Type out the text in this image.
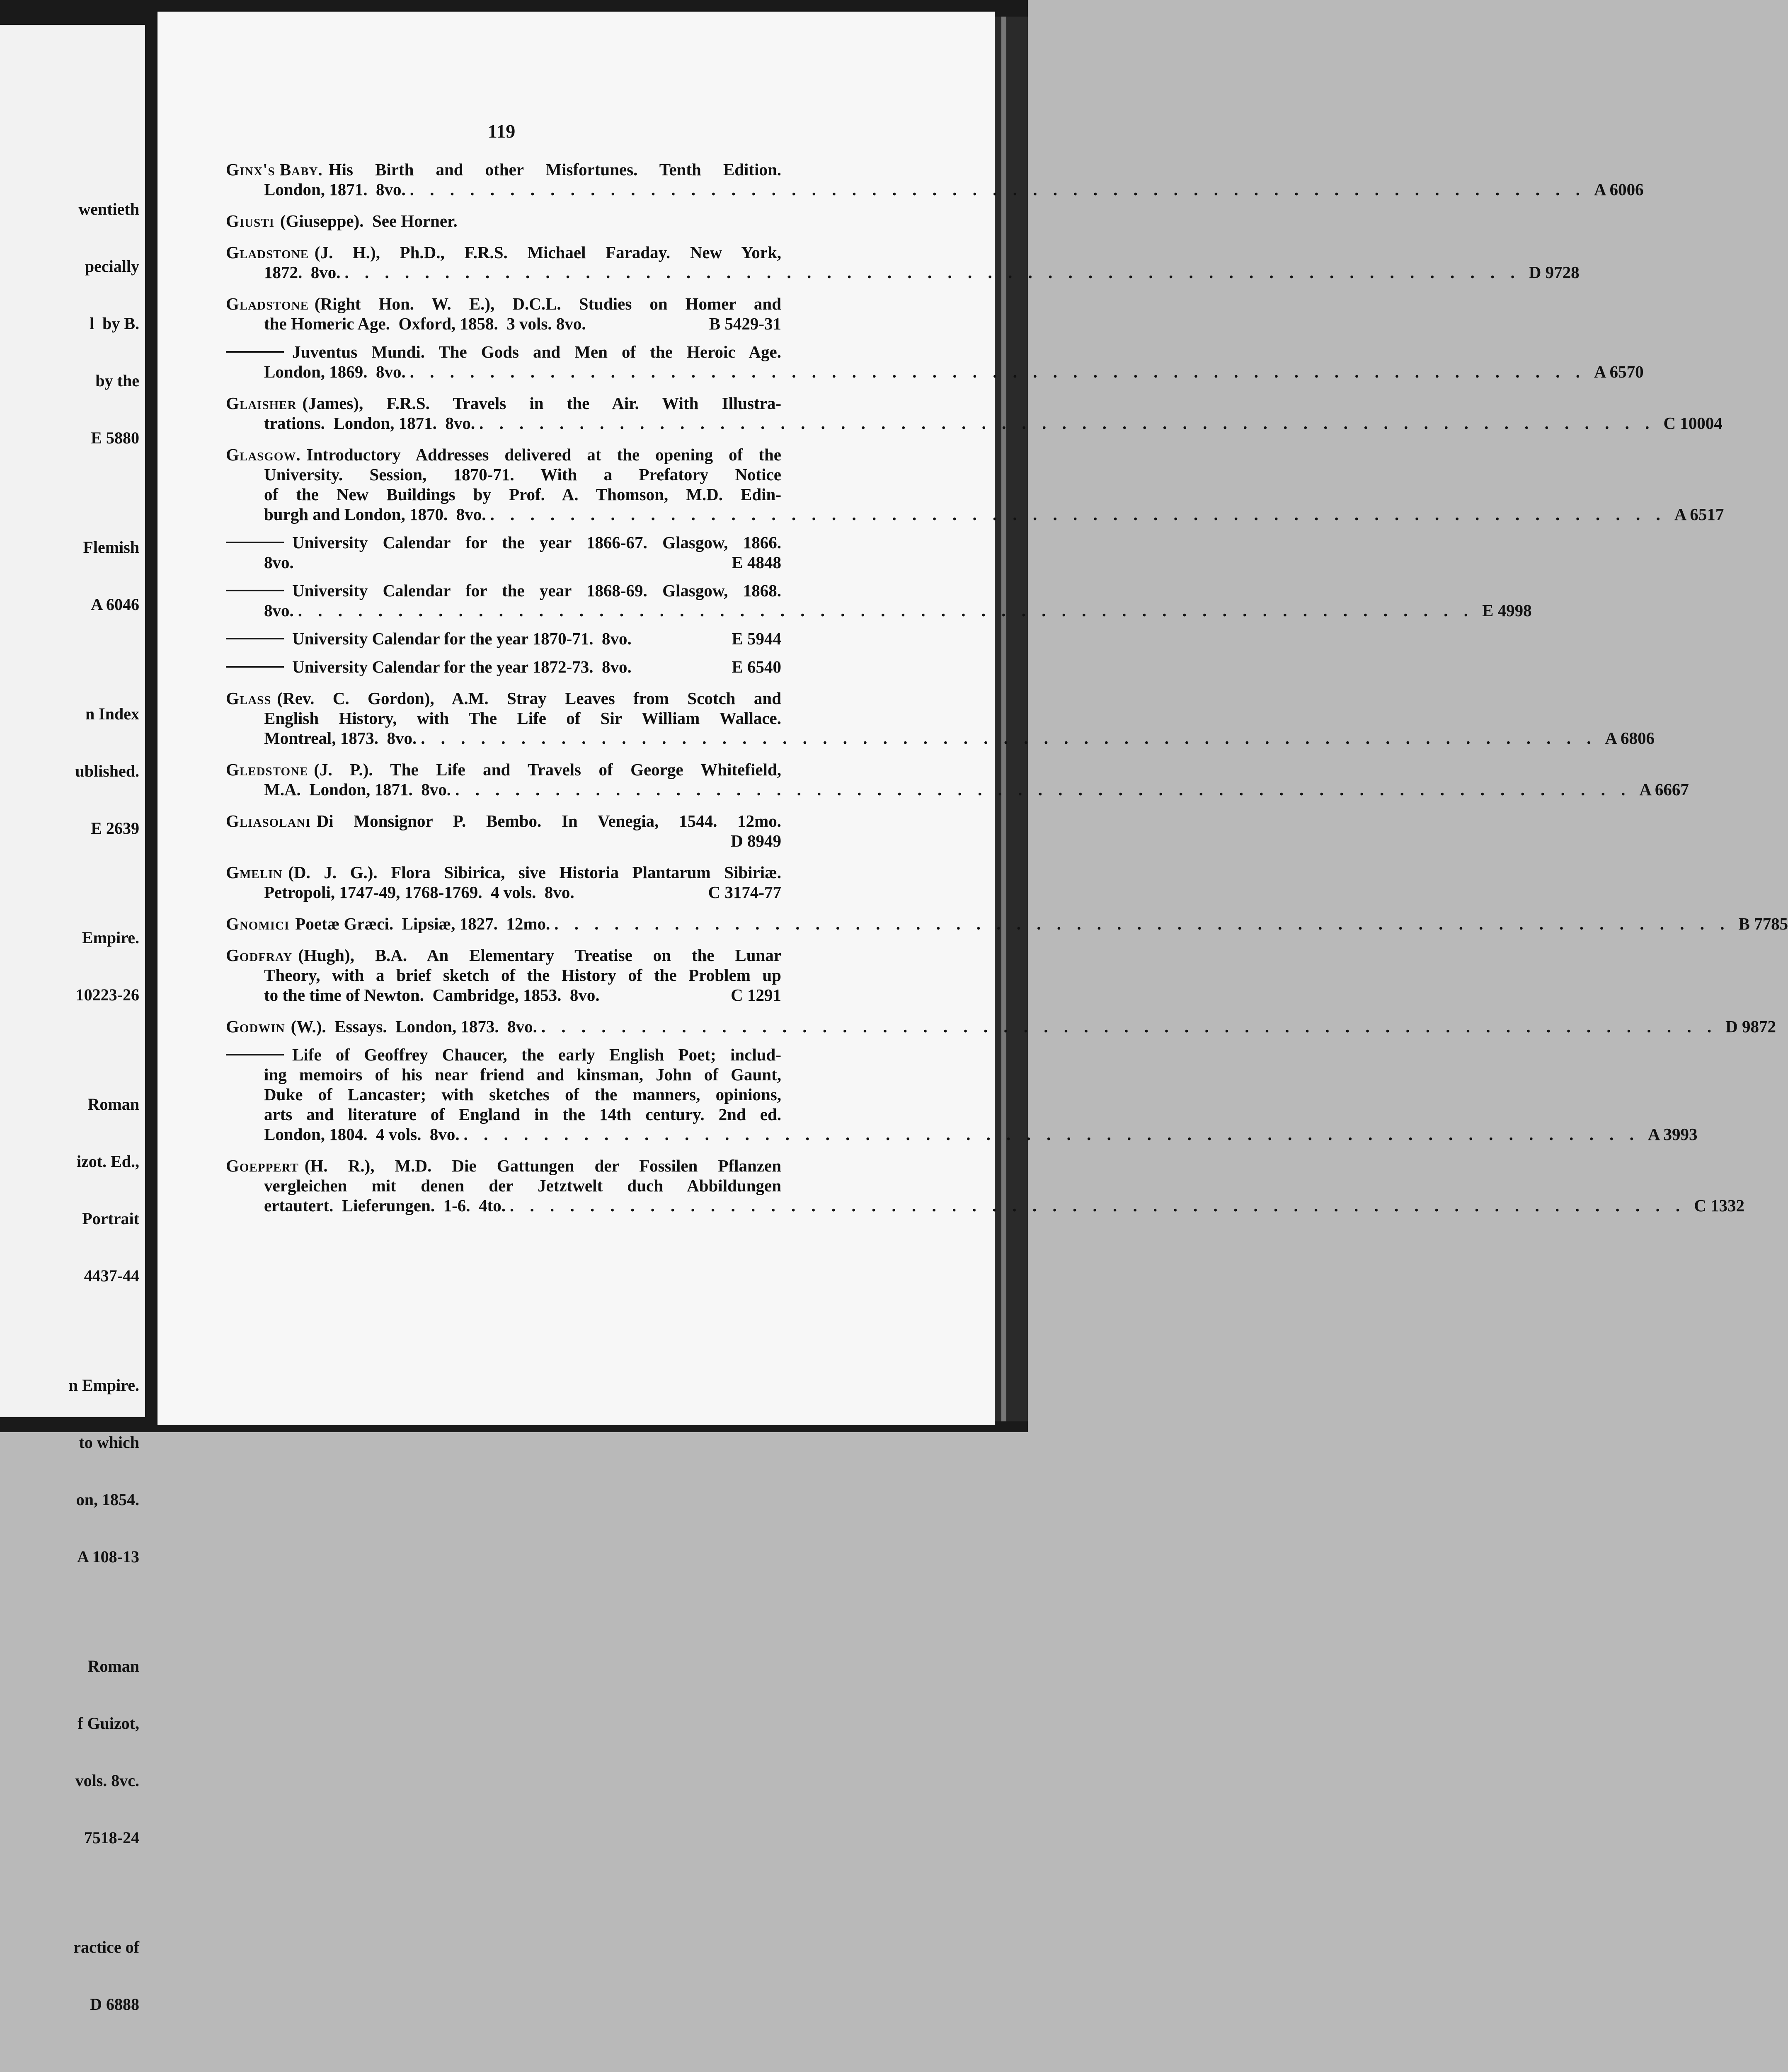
wentieth

pecially

l  by B.

by the

E 5880

Flemish

A 6046

n Index

ublished.

E 2639

Empire.

10223-26

Roman

izot. Ed.,

Portrait

4437-44

n Empire.

to which

on, 1854.

A 108-13

Roman

f Guizot,

vols. 8vc.

7518-24

ractice of

D 6888

119
Ginx's Baby. His Birth and other Misfortunes. Tenth Edition.
London, 1871.  8vo. . . .	A 6006
Giusti (Giuseppe).  See Horner.
Gladstone (J. H.), Ph.D., F.R.S. Michael Faraday. New York,
1872.  8vo. . . .	D 9728
Gladstone (Right Hon. W. E.), D.C.L. Studies on Homer and
the Homeric Age.  Oxford, 1858.  3 vols. 8vo.	B 5429-31
Juventus Mundi. The Gods and Men of the Heroic Age.
London, 1869.  8vo. . . .	A 6570
Glaisher (James), F.R.S. Travels in the Air. With Illustra-
trations.  London, 1871.  8vo. . . .	C 10004
Glasgow. Introductory Addresses delivered at the opening of the
University. Session, 1870-71. With a Prefatory Notice
of the New Buildings by Prof. A. Thomson, M.D. Edin-
burgh and London, 1870.  8vo. . . .	A 6517
University Calendar for the year 1866-67. Glasgow, 1866.
8vo.	E 4848
University Calendar for the year 1868-69. Glasgow, 1868.
8vo. . . .	E 4998
University Calendar for the year 1870-71.  8vo.	E 5944
University Calendar for the year 1872-73.  8vo.	E 6540
Glass (Rev. C. Gordon), A.M. Stray Leaves from Scotch and
English History, with The Life of Sir William Wallace.
Montreal, 1873.  8vo. . . .	A 6806
Gledstone (J. P.). The Life and Travels of George Whitefield,
M.A.  London, 1871.  8vo. . . .	A 6667
Gliasolani Di Monsignor P. Bembo. In Venegia, 1544. 12mo.
D 8949
Gmelin (D. J. G.). Flora Sibirica, sive Historia Plantarum Sibiriæ.
Petropoli, 1747-49, 1768-1769.  4 vols.  8vo.	C 3174-77
Gnomici Poetæ Græci.  Lipsiæ, 1827.  12mo. . . .	B 7785
Godfray (Hugh), B.A. An Elementary Treatise on the Lunar
Theory, with a brief sketch of the History of the Problem up
to the time of Newton.  Cambridge, 1853.  8vo.	C 1291
Godwin (W.).  Essays.  London, 1873.  8vo. . . .	D 9872
Life of Geoffrey Chaucer, the early English Poet; includ-
ing memoirs of his near friend and kinsman, John of Gaunt,
Duke of Lancaster; with sketches of the manners, opinions,
arts and literature of England in the 14th century. 2nd ed.
London, 1804.  4 vols.  8vo. . . .	A 3993
Goeppert (H. R.), M.D. Die Gattungen der Fossilen Pflanzen
vergleichen mit denen der Jetztwelt duch Abbildungen
ertautert.  Lieferungen.  1-6.  4to. . . .	C 1332
